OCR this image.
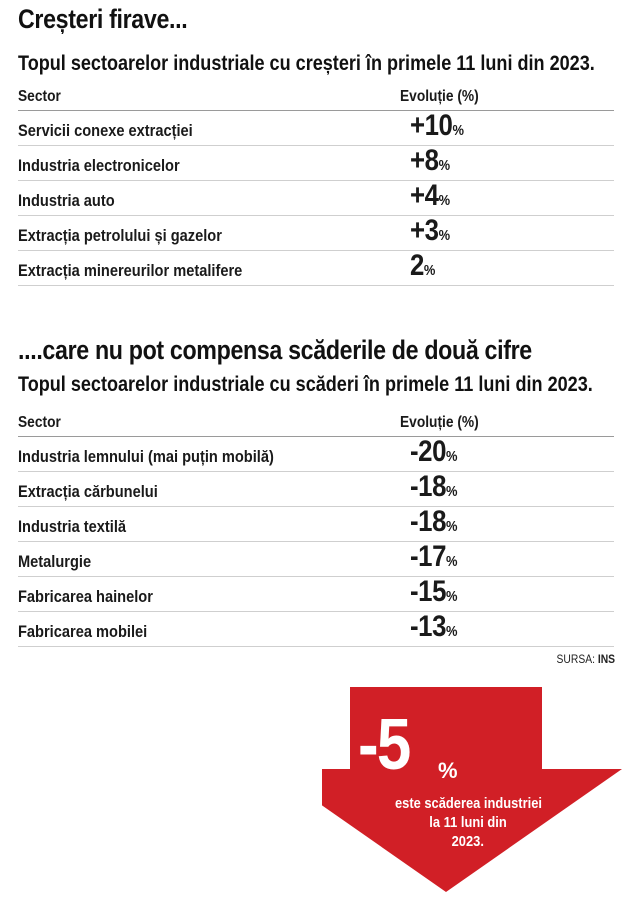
Creșteri firave...
Topul sectoarelor industriale cu creșteri în primele 11 luni din 2023.
Sector	Evoluție (%)
Servicii conexe extracției	+10%
Industria electronicelor	+8%
Industria auto	+4%
Extracția petrolului și gazelor	+3%
Extracția minereurilor metalifere	2%
....care nu pot compensa scăderile de două cifre
Topul sectoarelor industriale cu scăderi în primele 11 luni din 2023.
Sector	Evoluție (%)
Industria lemnului (mai puțin mobilă)	-20%
Extracția cărbunelui	-18%
Industria textilă	-18%
Metalurgie	-17%
Fabricarea hainelor	-15%
Fabricarea mobilei	-13%
SURSA: INS
-5	%
este scăderea industriei
la 11 luni din
2023.
